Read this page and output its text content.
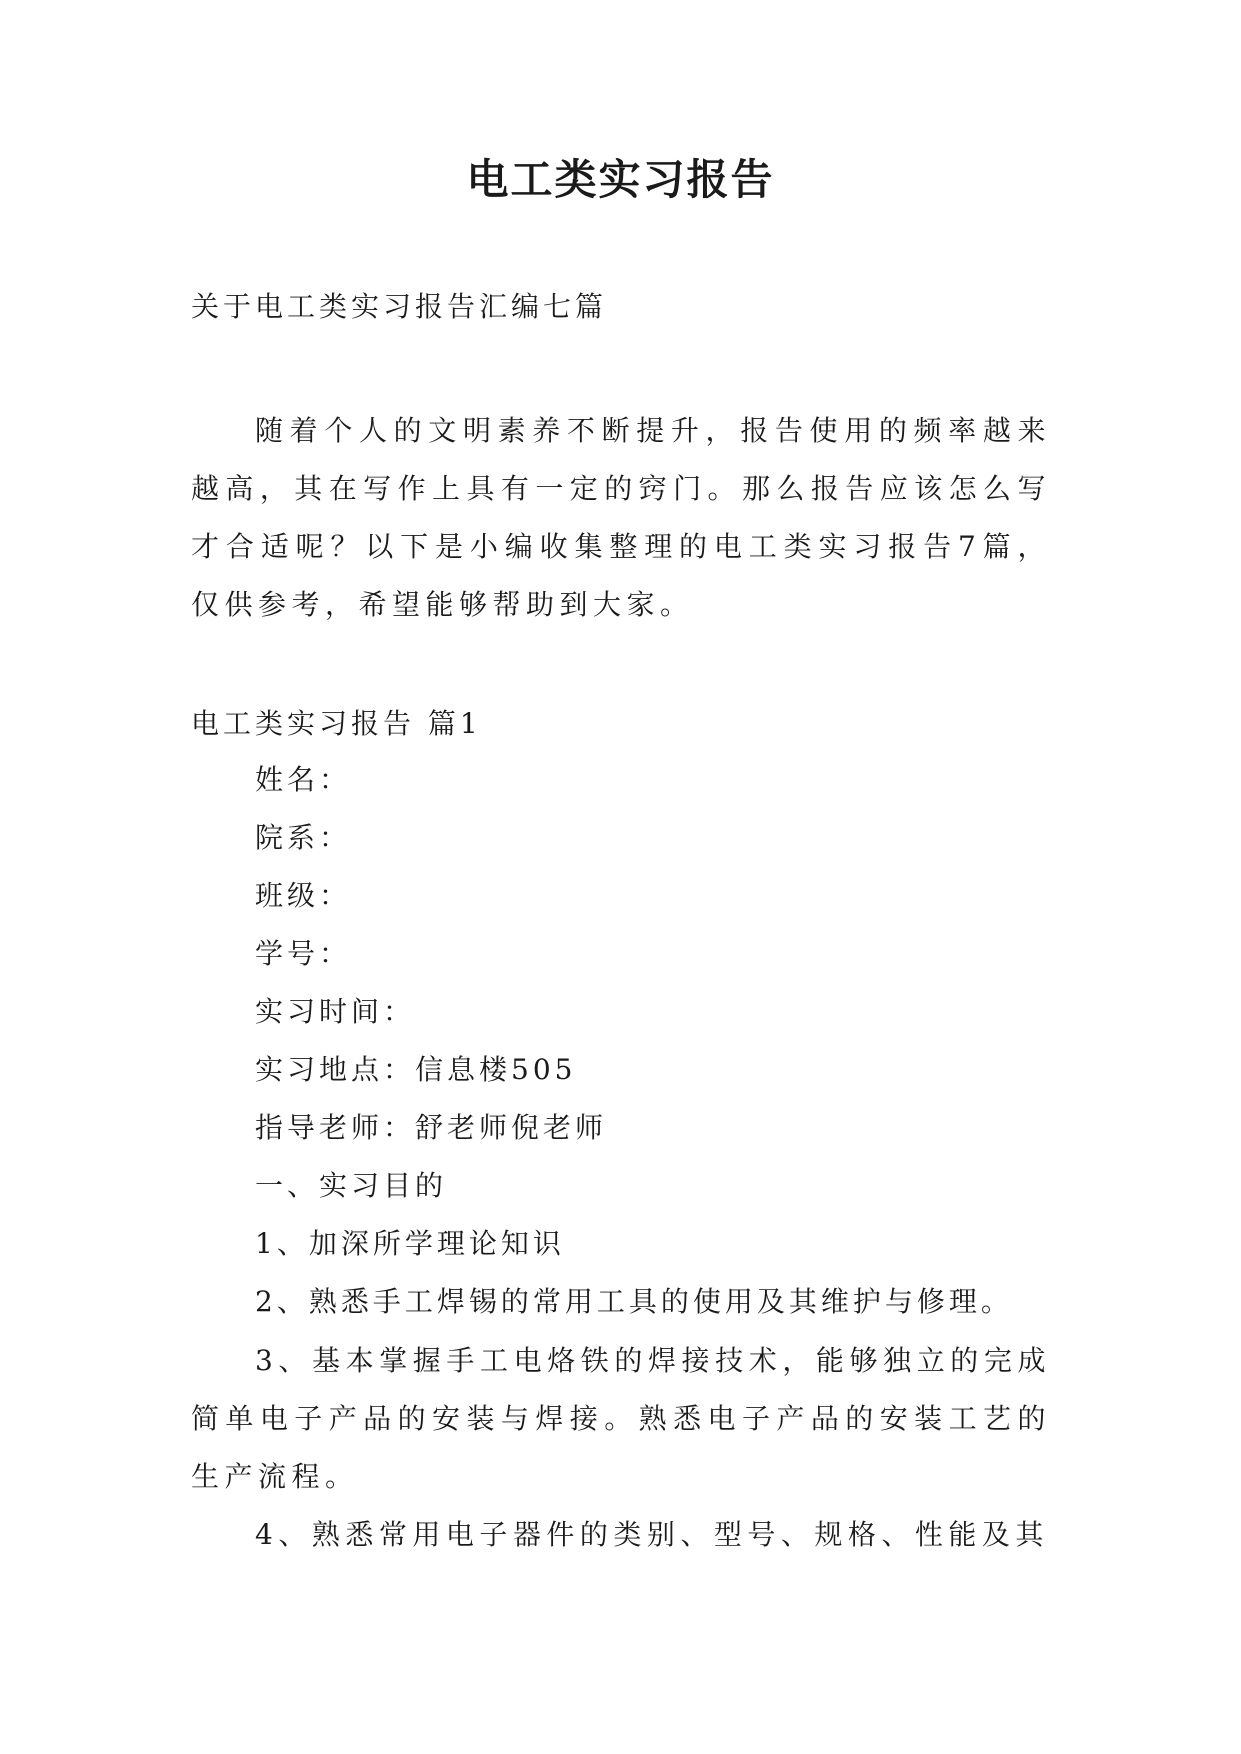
电工类实习报告
关于电工类实习报告汇编七篇
随着个人的文明素养不断提升，报告使用的频率越来越高，其在写作上具有一定的窍门。那么报告应该怎么写才合适呢？以下是小编收集整理的电工类实习报告7篇，仅供参考，希望能够帮助到大家。
电工类实习报告 篇1
姓名：
院系：
班级：
学号：
实习时间：
实习地点：信息楼505
指导老师：舒老师倪老师
一、实习目的
1、加深所学理论知识
2、熟悉手工焊锡的常用工具的使用及其维护与修理。
3、基本掌握手工电烙铁的焊接技术，能够独立的完成简单电子产品的安装与焊接。熟悉电子产品的安装工艺的生产流程。
4、熟悉常用电子器件的类别、型号、规格、性能及其
